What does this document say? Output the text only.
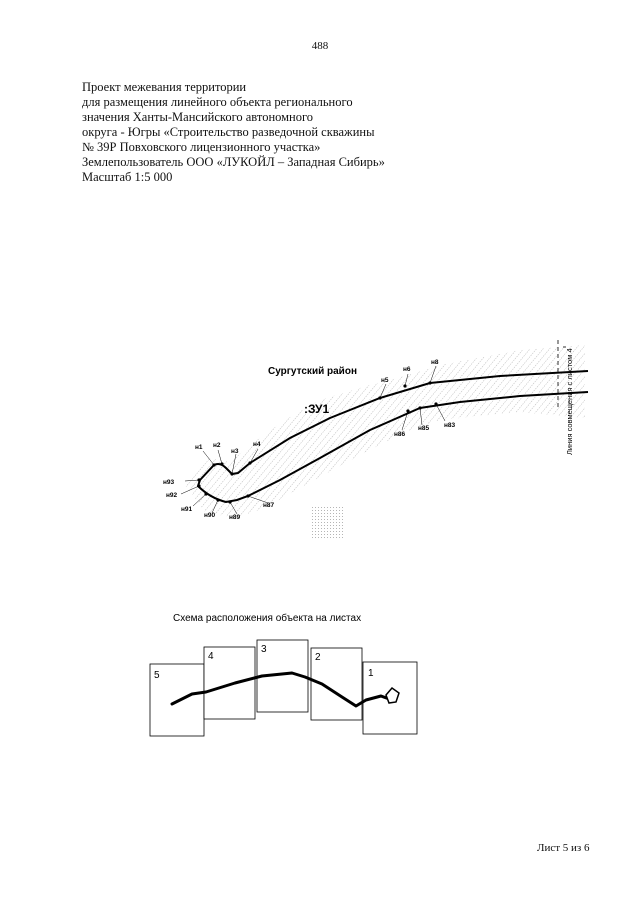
488
Проект межевания территории
для размещения линейного объекта регионального
значения Ханты-Мансийского автономного
округа - Югры «Строительство разведочной скважины
№ 39Р Повховского лицензионного участка»
Землепользователь ООО «ЛУКОЙЛ – Западная Сибирь»
Масштаб 1:5 000
Сургутский район
:ЗУ1	Линия совмещения с листом 4
н1 н2
н3
н4
н5
н6
н8
н93
н92
н91
н90 н89
н87
н86
н85 н83
Схема расположения объекта на листах
5
4
3
2
1
Лист 5 из 6
